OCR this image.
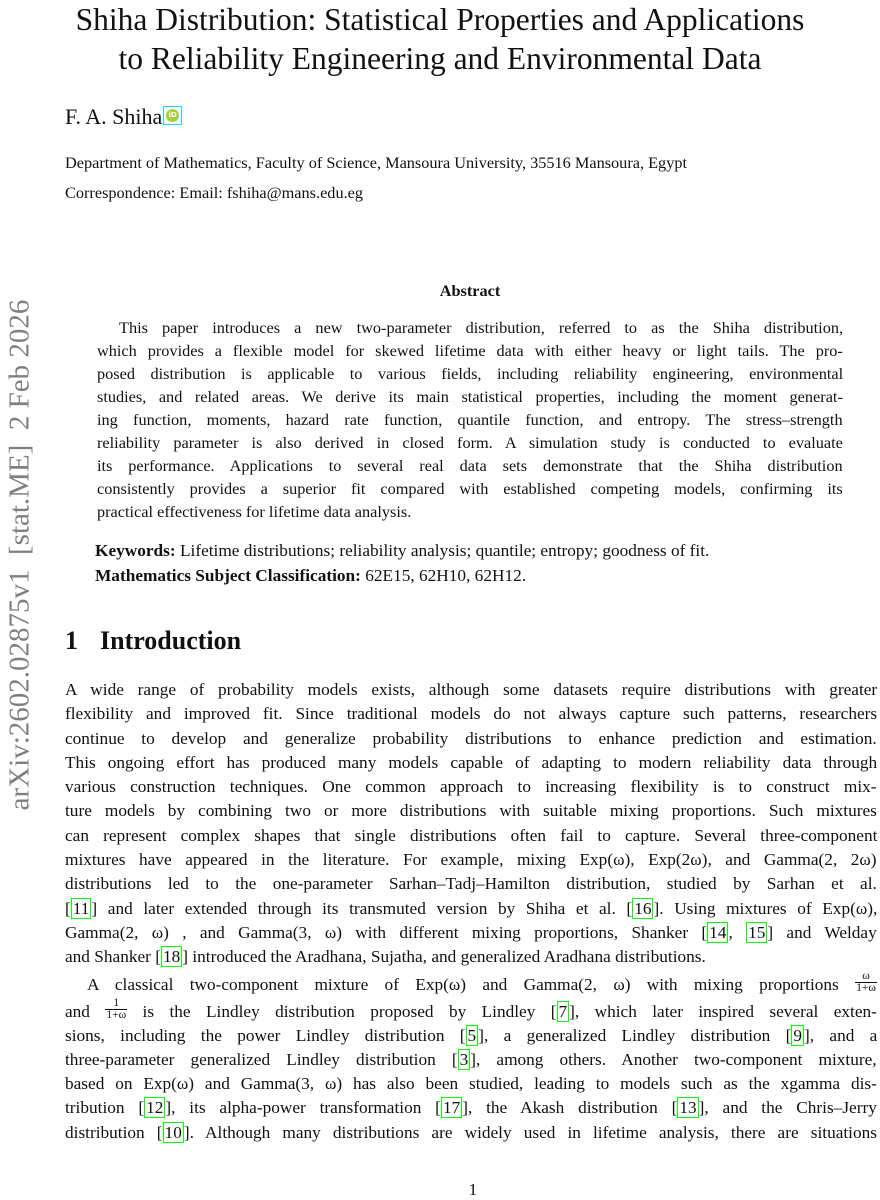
arXiv:2602.02875v1  [stat.ME]  2 Feb 2026
Shiha Distribution: Statistical Properties and Applications
to Reliability Engineering and Environmental Data
F. A. Shiha iD
Department of Mathematics, Faculty of Science, Mansoura University, 35516 Mansoura, Egypt
Correspondence: Email: fshiha@mans.edu.eg
Abstract
This paper introduces a new two-parameter distribution, referred to as the Shiha distribution,
which provides a flexible model for skewed lifetime data with either heavy or light tails. The pro-
posed distribution is applicable to various fields, including reliability engineering, environmental
studies, and related areas. We derive its main statistical properties, including the moment generat-
ing function, moments, hazard rate function, quantile function, and entropy. The stress–strength
reliability parameter is also derived in closed form. A simulation study is conducted to evaluate
its performance. Applications to several real data sets demonstrate that the Shiha distribution
consistently provides a superior fit compared with established competing models, confirming its
practical effectiveness for lifetime data analysis.

Keywords: Lifetime distributions; reliability analysis; quantile; entropy; goodness of fit.
Mathematics Subject Classification: 62E15, 62H10, 62H12.
1 Introduction
A wide range of probability models exists, although some datasets require distributions with greater
flexibility and improved fit. Since traditional models do not always capture such patterns, researchers
continue to develop and generalize probability distributions to enhance prediction and estimation.
This ongoing effort has produced many models capable of adapting to modern reliability data through
various construction techniques. One common approach to increasing flexibility is to construct mix-
ture models by combining two or more distributions with suitable mixing proportions. Such mixtures
can represent complex shapes that single distributions often fail to capture. Several three-component
mixtures have appeared in the literature. For example, mixing Exp(ω), Exp(2ω), and Gamma(2, 2ω)
distributions led to the one-parameter Sarhan–Tadj–Hamilton distribution, studied by Sarhan et al.
[ 11 ] and later extended through its transmuted version by Shiha et al. [ 16 ]. Using mixtures of Exp(ω),
Gamma(2, ω) , and Gamma(3, ω) with different mixing proportions, Shanker [ 14 , 15 ] and Welday
and Shanker [ 18 ] introduced the Aradhana, Sujatha, and generalized Aradhana distributions.
A classical two-component mixture of Exp(ω) and Gamma(2, ω) with mixing proportions $\frac{\omega}{1+\omega}$

and $\frac{1}{1+\omega}$ is the Lindley distribution proposed by Lindley [ 7 ], which later inspired several exten-
sions, including the power Lindley distribution [ 5 ], a generalized Lindley distribution [ 9 ], and a
three-parameter generalized Lindley distribution [ 3 ], among others. Another two-component mixture,
based on Exp(ω) and Gamma(3, ω) has also been studied, leading to models such as the xgamma dis-
tribution [ 12 ], its alpha-power transformation [ 17 ], the Akash distribution [ 13 ], and the Chris–Jerry
distribution [ 10 ]. Although many distributions are widely used in lifetime analysis, there are situations

1
